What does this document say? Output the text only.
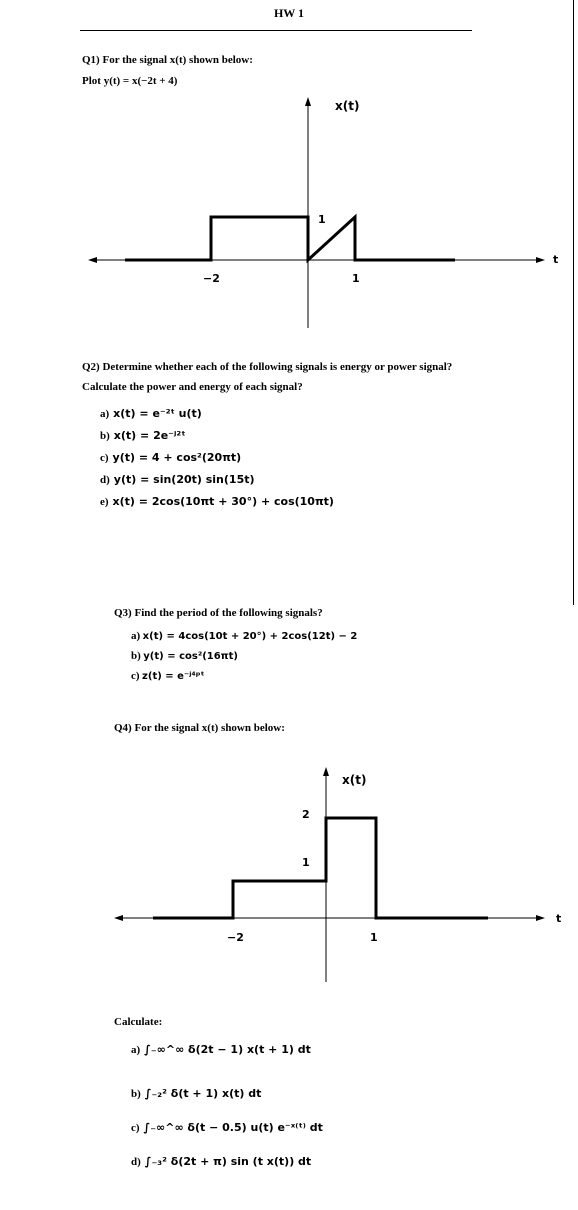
HW 1
Q1) For the signal x(t) shown below:
Plot y(t) = x(−2t + 4)
x(t)
t
−2	1
1
Q2) Determine whether each of the following signals is energy or power signal?
Calculate the power and energy of each signal?
a) x(t) = e⁻²ᵗ u(t)
b) x(t) = 2e⁻ʲ²ᵗ
c) y(t) = 4 + cos²(20πt)
d) y(t) = sin(20t) sin(15t)
e) x(t) = 2cos(10πt + 30°) + cos(10πt)
Q3) Find the period of the following signals?
a) x(t) = 4cos(10t + 20°) + 2cos(12t) − 2
b) y(t) = cos²(16πt)
c) z(t) = e⁻ʲ⁴ᵖᵗ
Q4) For the signal x(t) shown below:
x(t)
t
−2	1
2
1
Calculate:
a) ∫₋∞^∞ δ(2t − 1) x(t + 1) dt
b) ∫₋₂² δ(t + 1) x(t) dt
c) ∫₋∞^∞ δ(t − 0.5) u(t) e⁻ˣ⁽ᵗ⁾ dt
d) ∫₋₃² δ(2t + π) sin (t x(t)) dt
